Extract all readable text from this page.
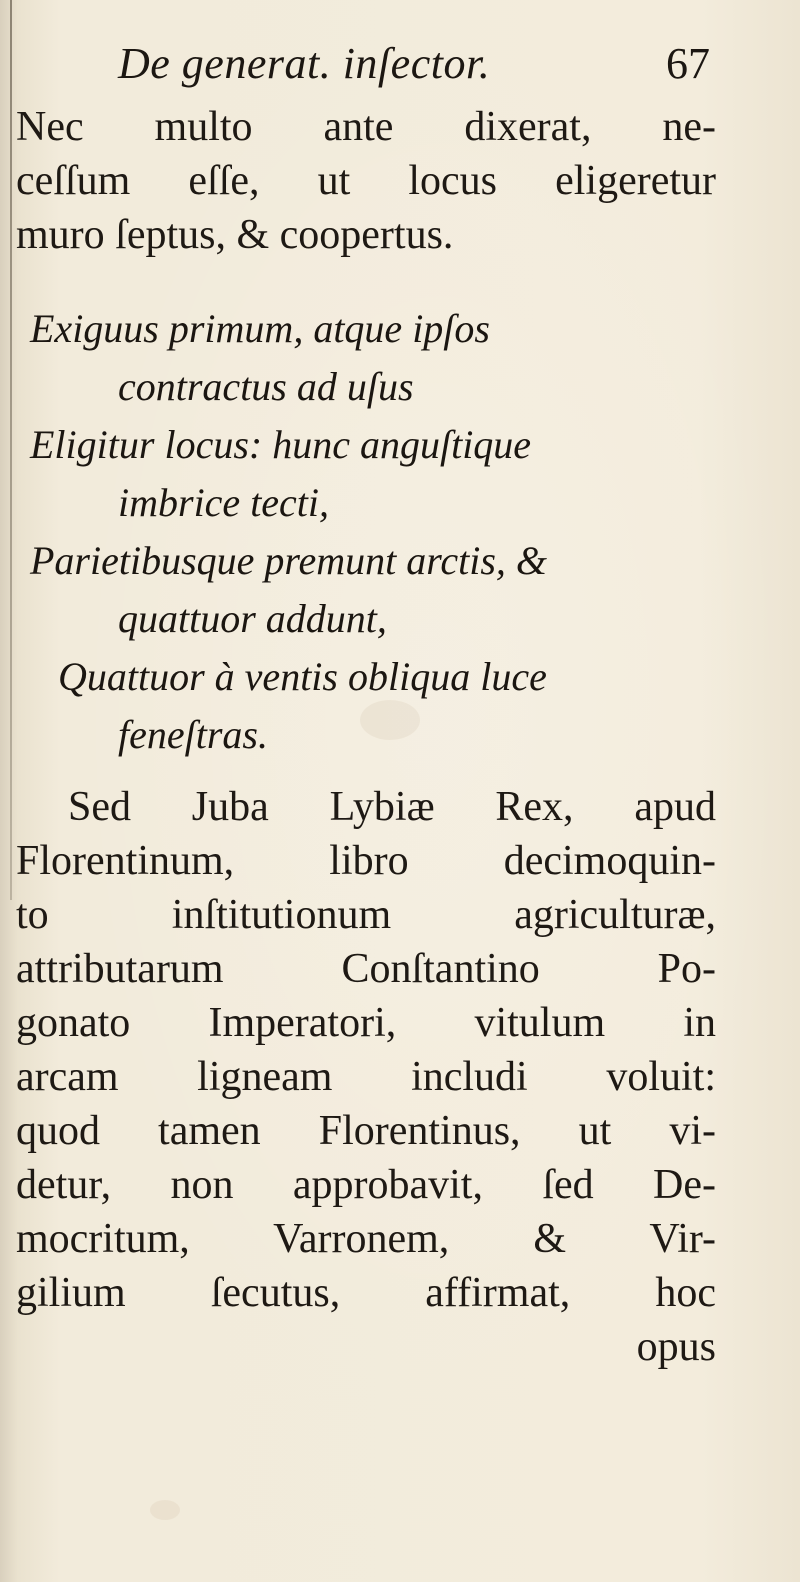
De generat. inſector.	67

Nec multo ante dixerat, ne-
ceſſum eſſe, ut locus eligeretur
muro ſeptus, & coopertus.

Exiguus primum, atque ipſos
contractus ad uſus
Eligitur locus: hunc anguſtique
imbrice tecti,
Parietibusque premunt arctis, &
quattuor addunt,
Quattuor à ventis obliqua luce
feneſtras.

Sed Juba Lybiæ Rex, apud
Florentinum, libro decimoquin-
to inſtitutionum agriculturæ,
attributarum Conſtantino Po-
gonato Imperatori, vitulum in
arcam ligneam includi voluit:
quod tamen Florentinus, ut vi-
detur, non approbavit, ſed De-
mocritum, Varronem, & Vir-
gilium ſecutus, affirmat, hoc
opus
